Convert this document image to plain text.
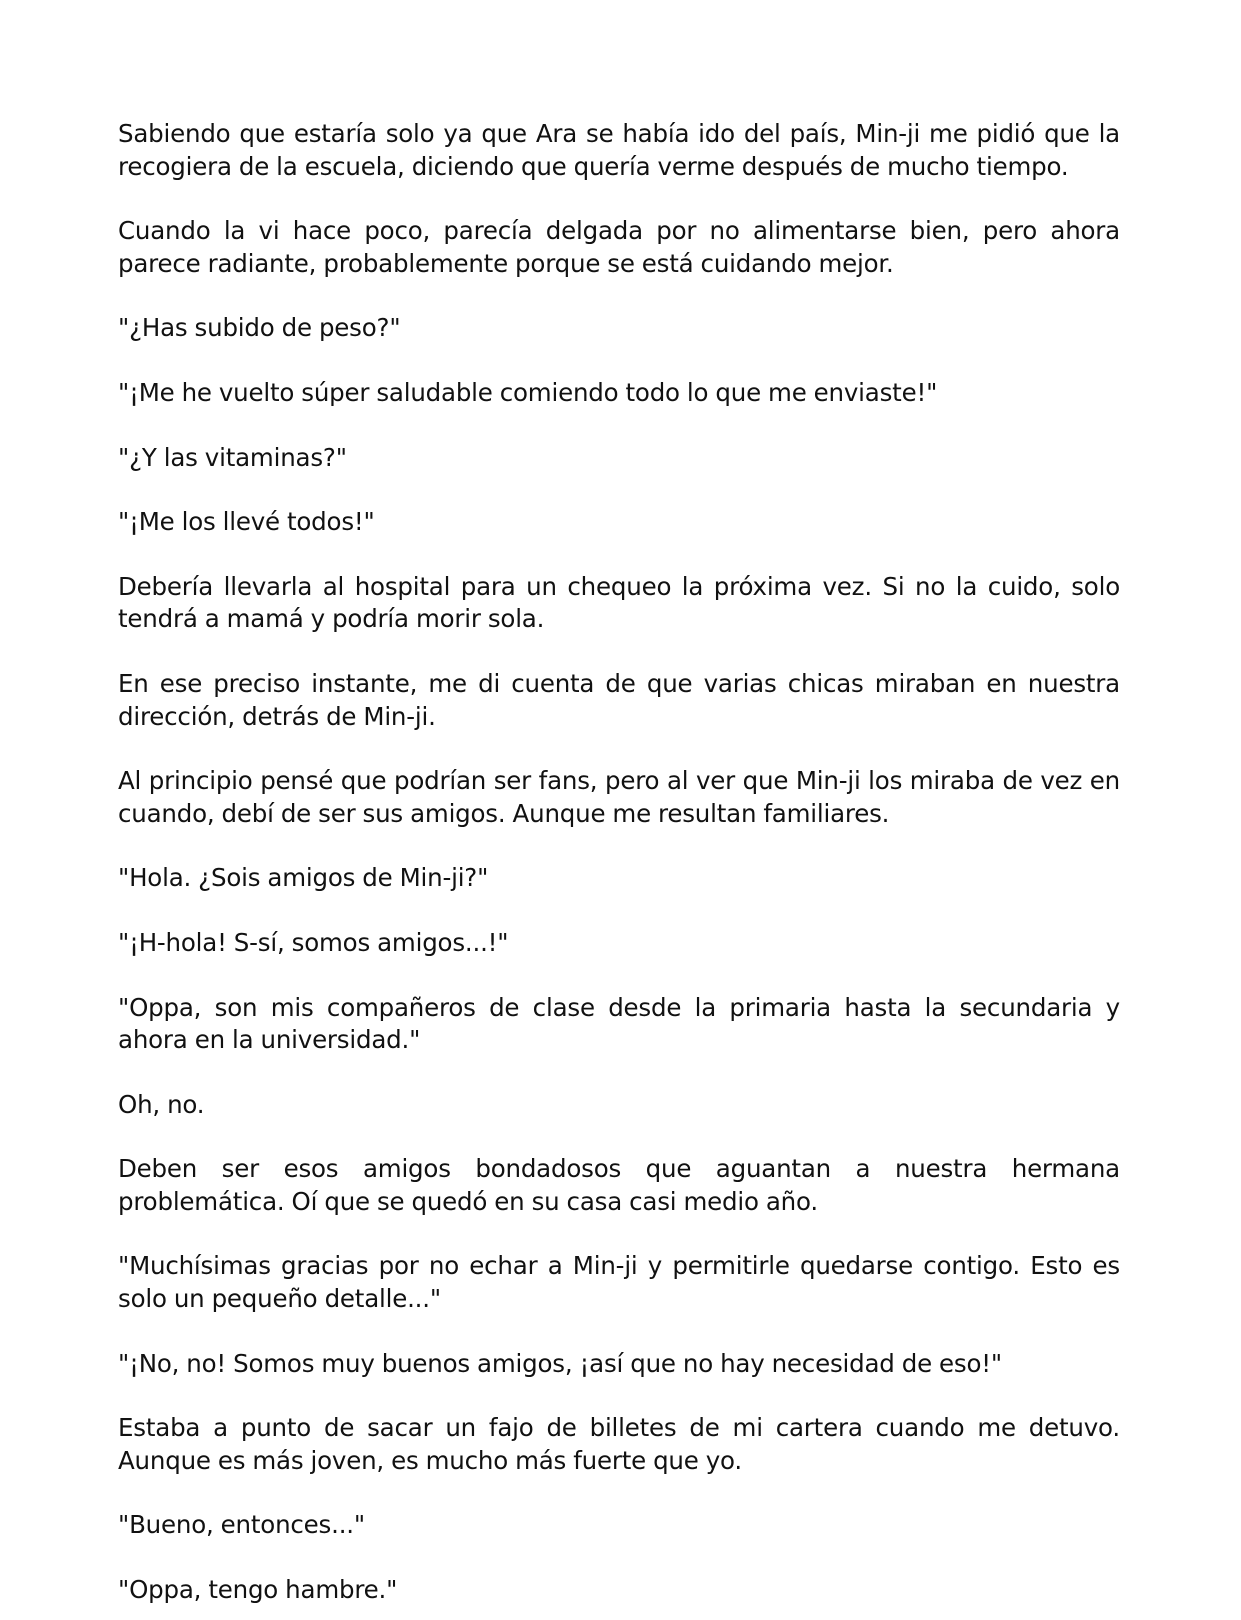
Sabiendo que estaría solo ya que Ara se había ido del país, Min-ji me pidió que la recogiera de la escuela, diciendo que quería verme después de mucho tiempo.

Cuando la vi hace poco, parecía delgada por no alimentarse bien, pero ahora parece radiante, probablemente porque se está cuidando mejor.

"¿Has subido de peso?"

"¡Me he vuelto súper saludable comiendo todo lo que me enviaste!"

"¿Y las vitaminas?"

"¡Me los llevé todos!"

Debería llevarla al hospital para un chequeo la próxima vez. Si no la cuido, solo tendrá a mamá y podría morir sola.

En ese preciso instante, me di cuenta de que varias chicas miraban en nuestra dirección, detrás de Min-ji.

Al principio pensé que podrían ser fans, pero al ver que Min-ji los miraba de vez en cuando, debí de ser sus amigos. Aunque me resultan familiares.

"Hola. ¿Sois amigos de Min-ji?"

"¡H-hola! S-sí, somos amigos...!"

"Oppa, son mis compañeros de clase desde la primaria hasta la secundaria y ahora en la universidad."

Oh, no.

Deben ser esos amigos bondadosos que aguantan a nuestra hermana problemática. Oí que se quedó en su casa casi medio año.

"Muchísimas gracias por no echar a Min-ji y permitirle quedarse contigo. Esto es solo un pequeño detalle..."

"¡No, no! Somos muy buenos amigos, ¡así que no hay necesidad de eso!"

Estaba a punto de sacar un fajo de billetes de mi cartera cuando me detuvo. Aunque es más joven, es mucho más fuerte que yo.

"Bueno, entonces..."

"Oppa, tengo hambre."
